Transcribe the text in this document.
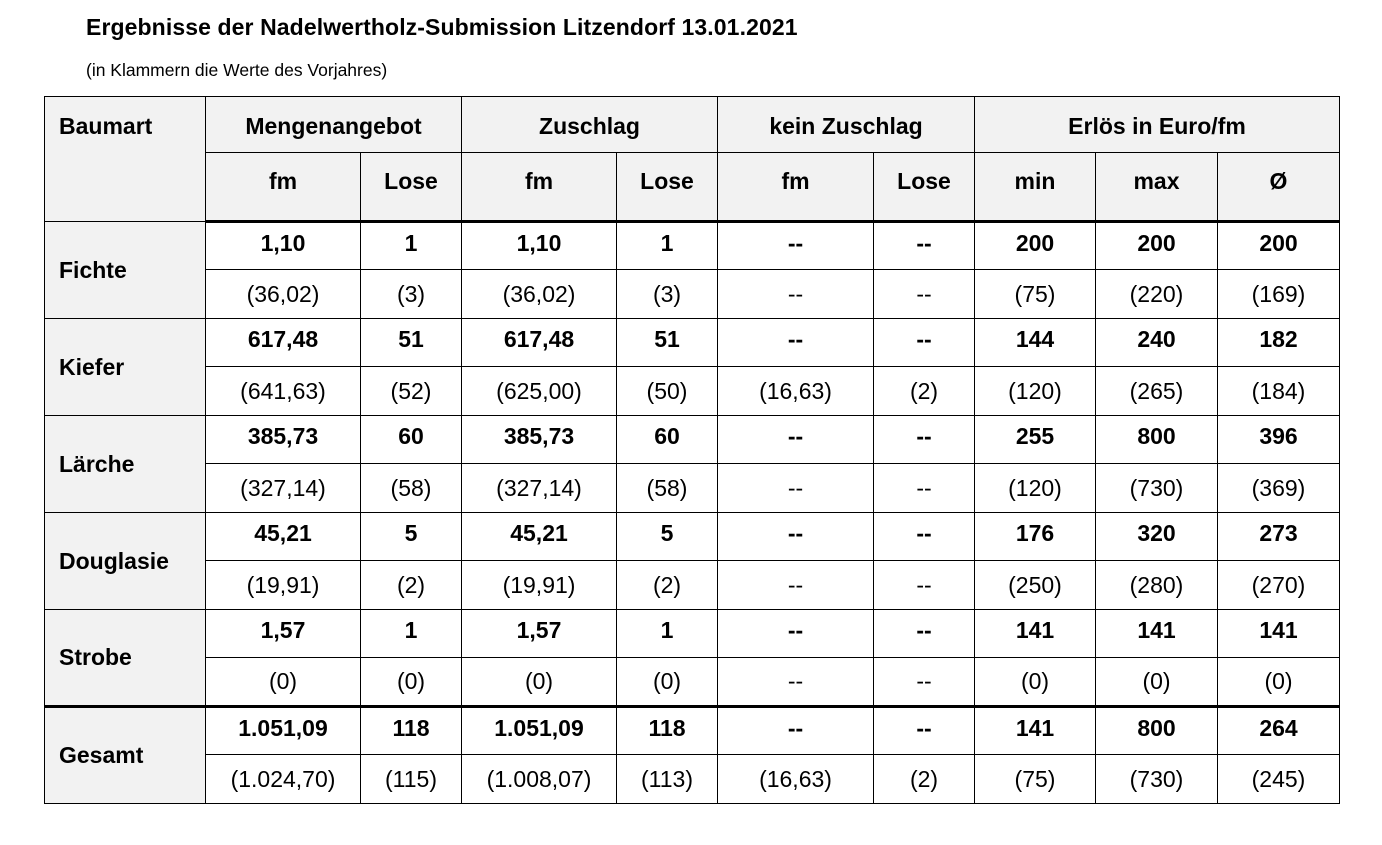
Ergebnisse der Nadelwertholz-Submission Litzendorf 13.01.2021
(in Klammern die Werte des Vorjahres)
Baumart	Mengenangebot		Zuschlag		kein Zuschlag		Erlös in Euro/fm		
	fm	Lose	fm	Lose	fm	Lose	min	max	Ø
Fichte	1,10	1	1,10	1	--	--	200	200	200
	(36,02)	(3)	(36,02)	(3)	--	--	(75)	(220)	(169)
Kiefer	617,48	51	617,48	51	--	--	144	240	182
	(641,63)	(52)	(625,00)	(50)	(16,63)	(2)	(120)	(265)	(184)
Lärche	385,73	60	385,73	60	--	--	255	800	396
	(327,14)	(58)	(327,14)	(58)	--	--	(120)	(730)	(369)
Douglasie	45,21	5	45,21	5	--	--	176	320	273
	(19,91)	(2)	(19,91)	(2)	--	--	(250)	(280)	(270)
Strobe	1,57	1	1,57	1	--	--	141	141	141
	(0)	(0)	(0)	(0)	--	--	(0)	(0)	(0)
Gesamt	1.051,09	118	1.051,09	118	--	--	141	800	264
	(1.024,70)	(115)	(1.008,07)	(113)	(16,63)	(2)	(75)	(730)	(245)
